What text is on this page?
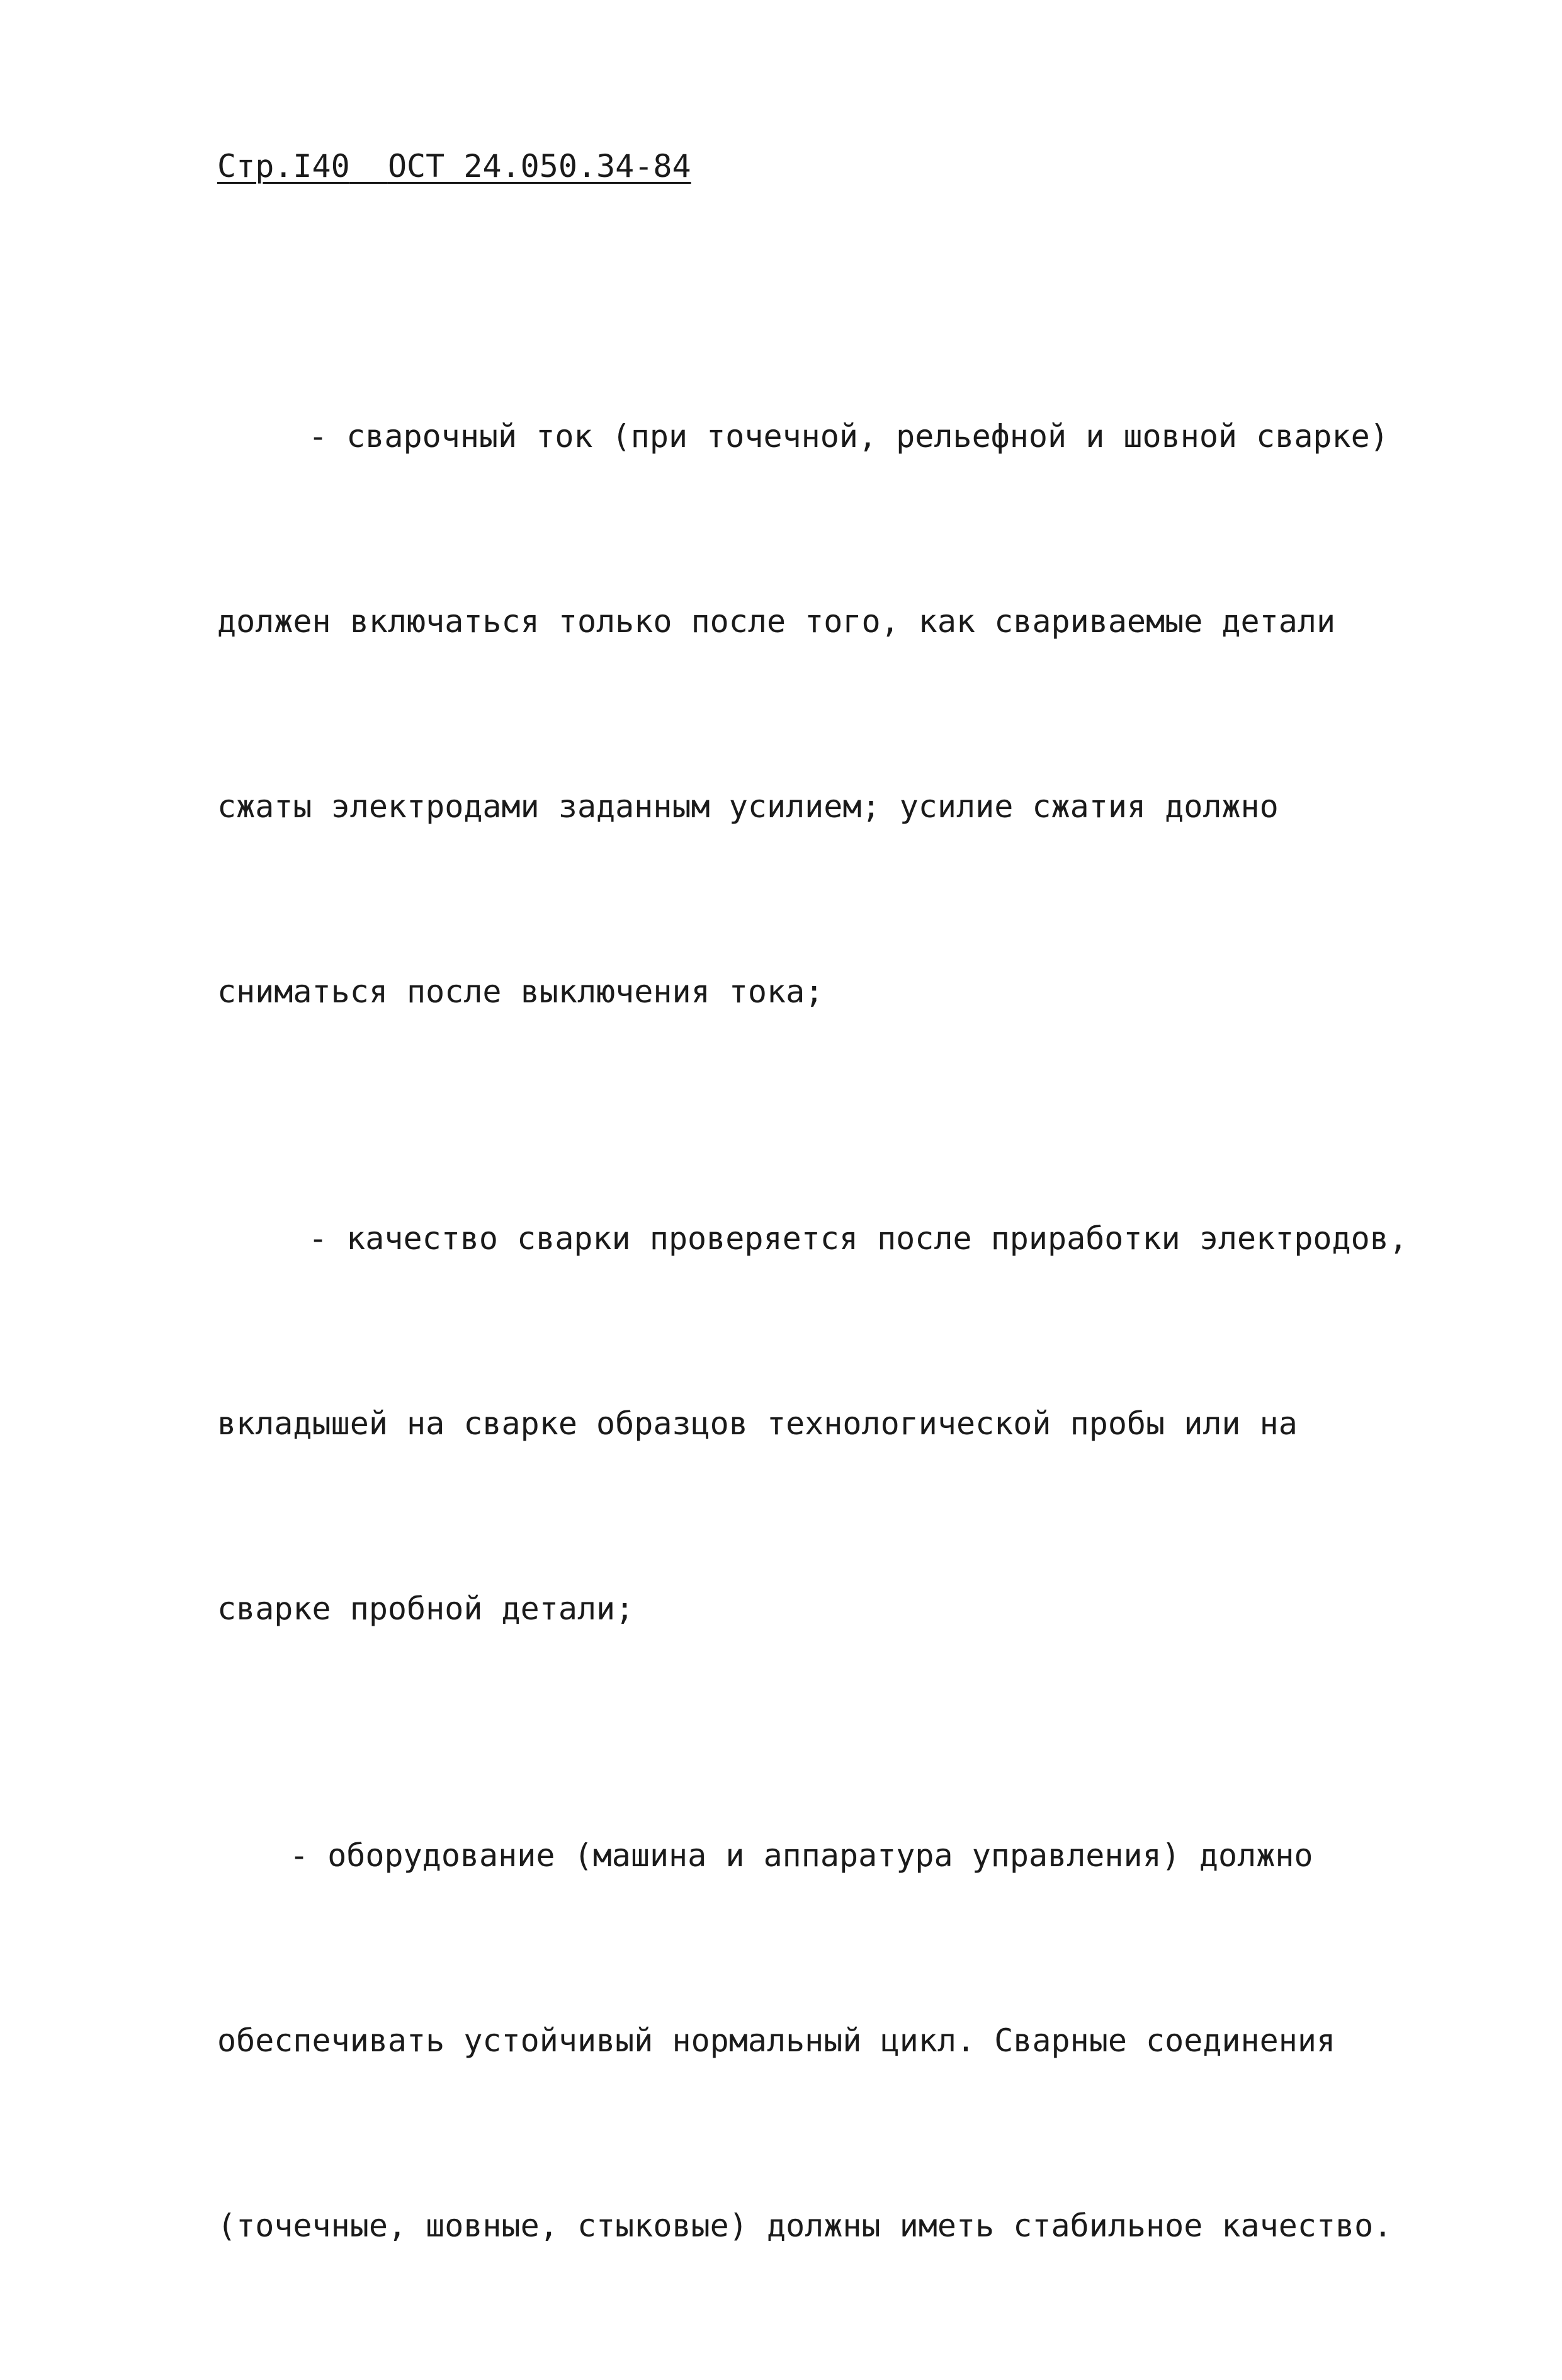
Стр.I40 ОСТ 24.050.34-84

- сварочный ток (при точечной, рельефной и шовной сварке)

должен включаться только после того, как свариваемые детали

сжаты электродами заданным усилием; усилие сжатия должно

сниматься после выключения тока;

- качество сварки проверяется после приработки электродов,

вкладышей на сварке образцов технологической пробы или на

сварке пробной детали;

- оборудование (машина и аппаратура управления) должно

обеспечивать устойчивый нормальный цикл. Сварные соединения

(точечные, шовные, стыковые) должны иметь стабильное качество.
